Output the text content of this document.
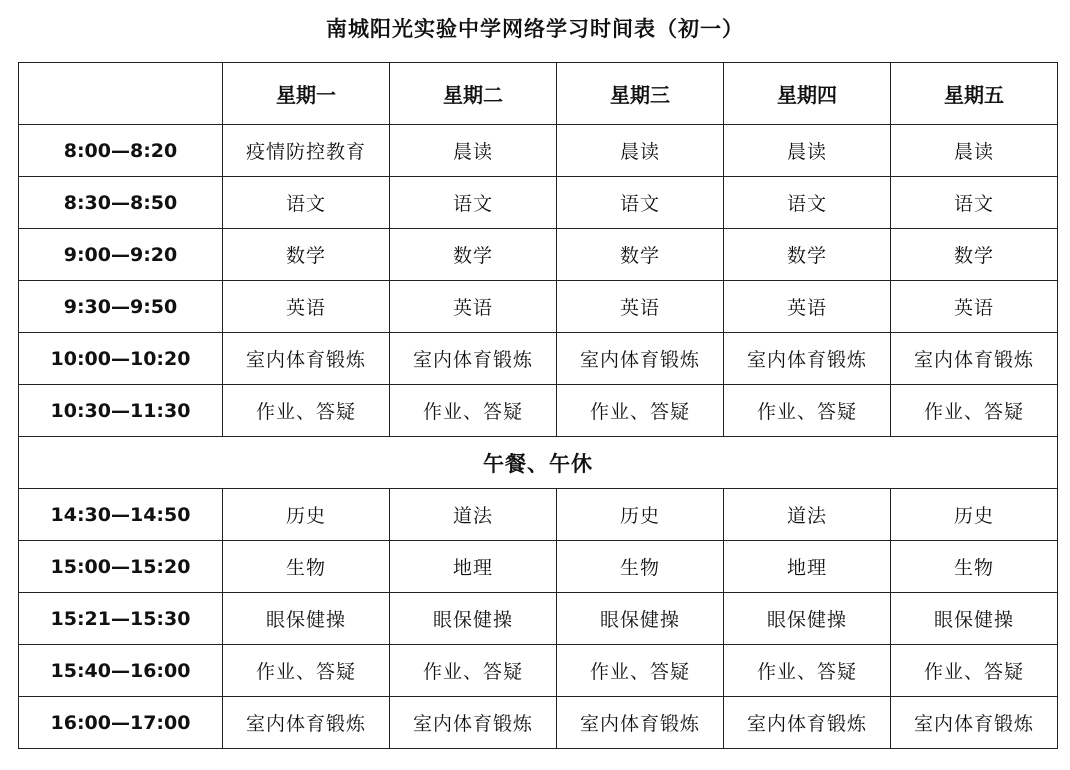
南城阳光实验中学网络学习时间表（初一）
	星期一	星期二	星期三	星期四	星期五
8:00—8:20	疫情防控教育	晨读	晨读	晨读	晨读
8:30—8:50	语文	语文	语文	语文	语文
9:00—9:20	数学	数学	数学	数学	数学
9:30—9:50	英语	英语	英语	英语	英语
10:00—10:20	室内体育锻炼	室内体育锻炼	室内体育锻炼	室内体育锻炼	室内体育锻炼
10:30—11:30	作业、答疑	作业、答疑	作业、答疑	作业、答疑	作业、答疑
午餐、午休					
14:30—14:50	历史	道法	历史	道法	历史
15:00—15:20	生物	地理	生物	地理	生物
15:21—15:30	眼保健操	眼保健操	眼保健操	眼保健操	眼保健操
15:40—16:00	作业、答疑	作业、答疑	作业、答疑	作业、答疑	作业、答疑
16:00—17:00	室内体育锻炼	室内体育锻炼	室内体育锻炼	室内体育锻炼	室内体育锻炼
